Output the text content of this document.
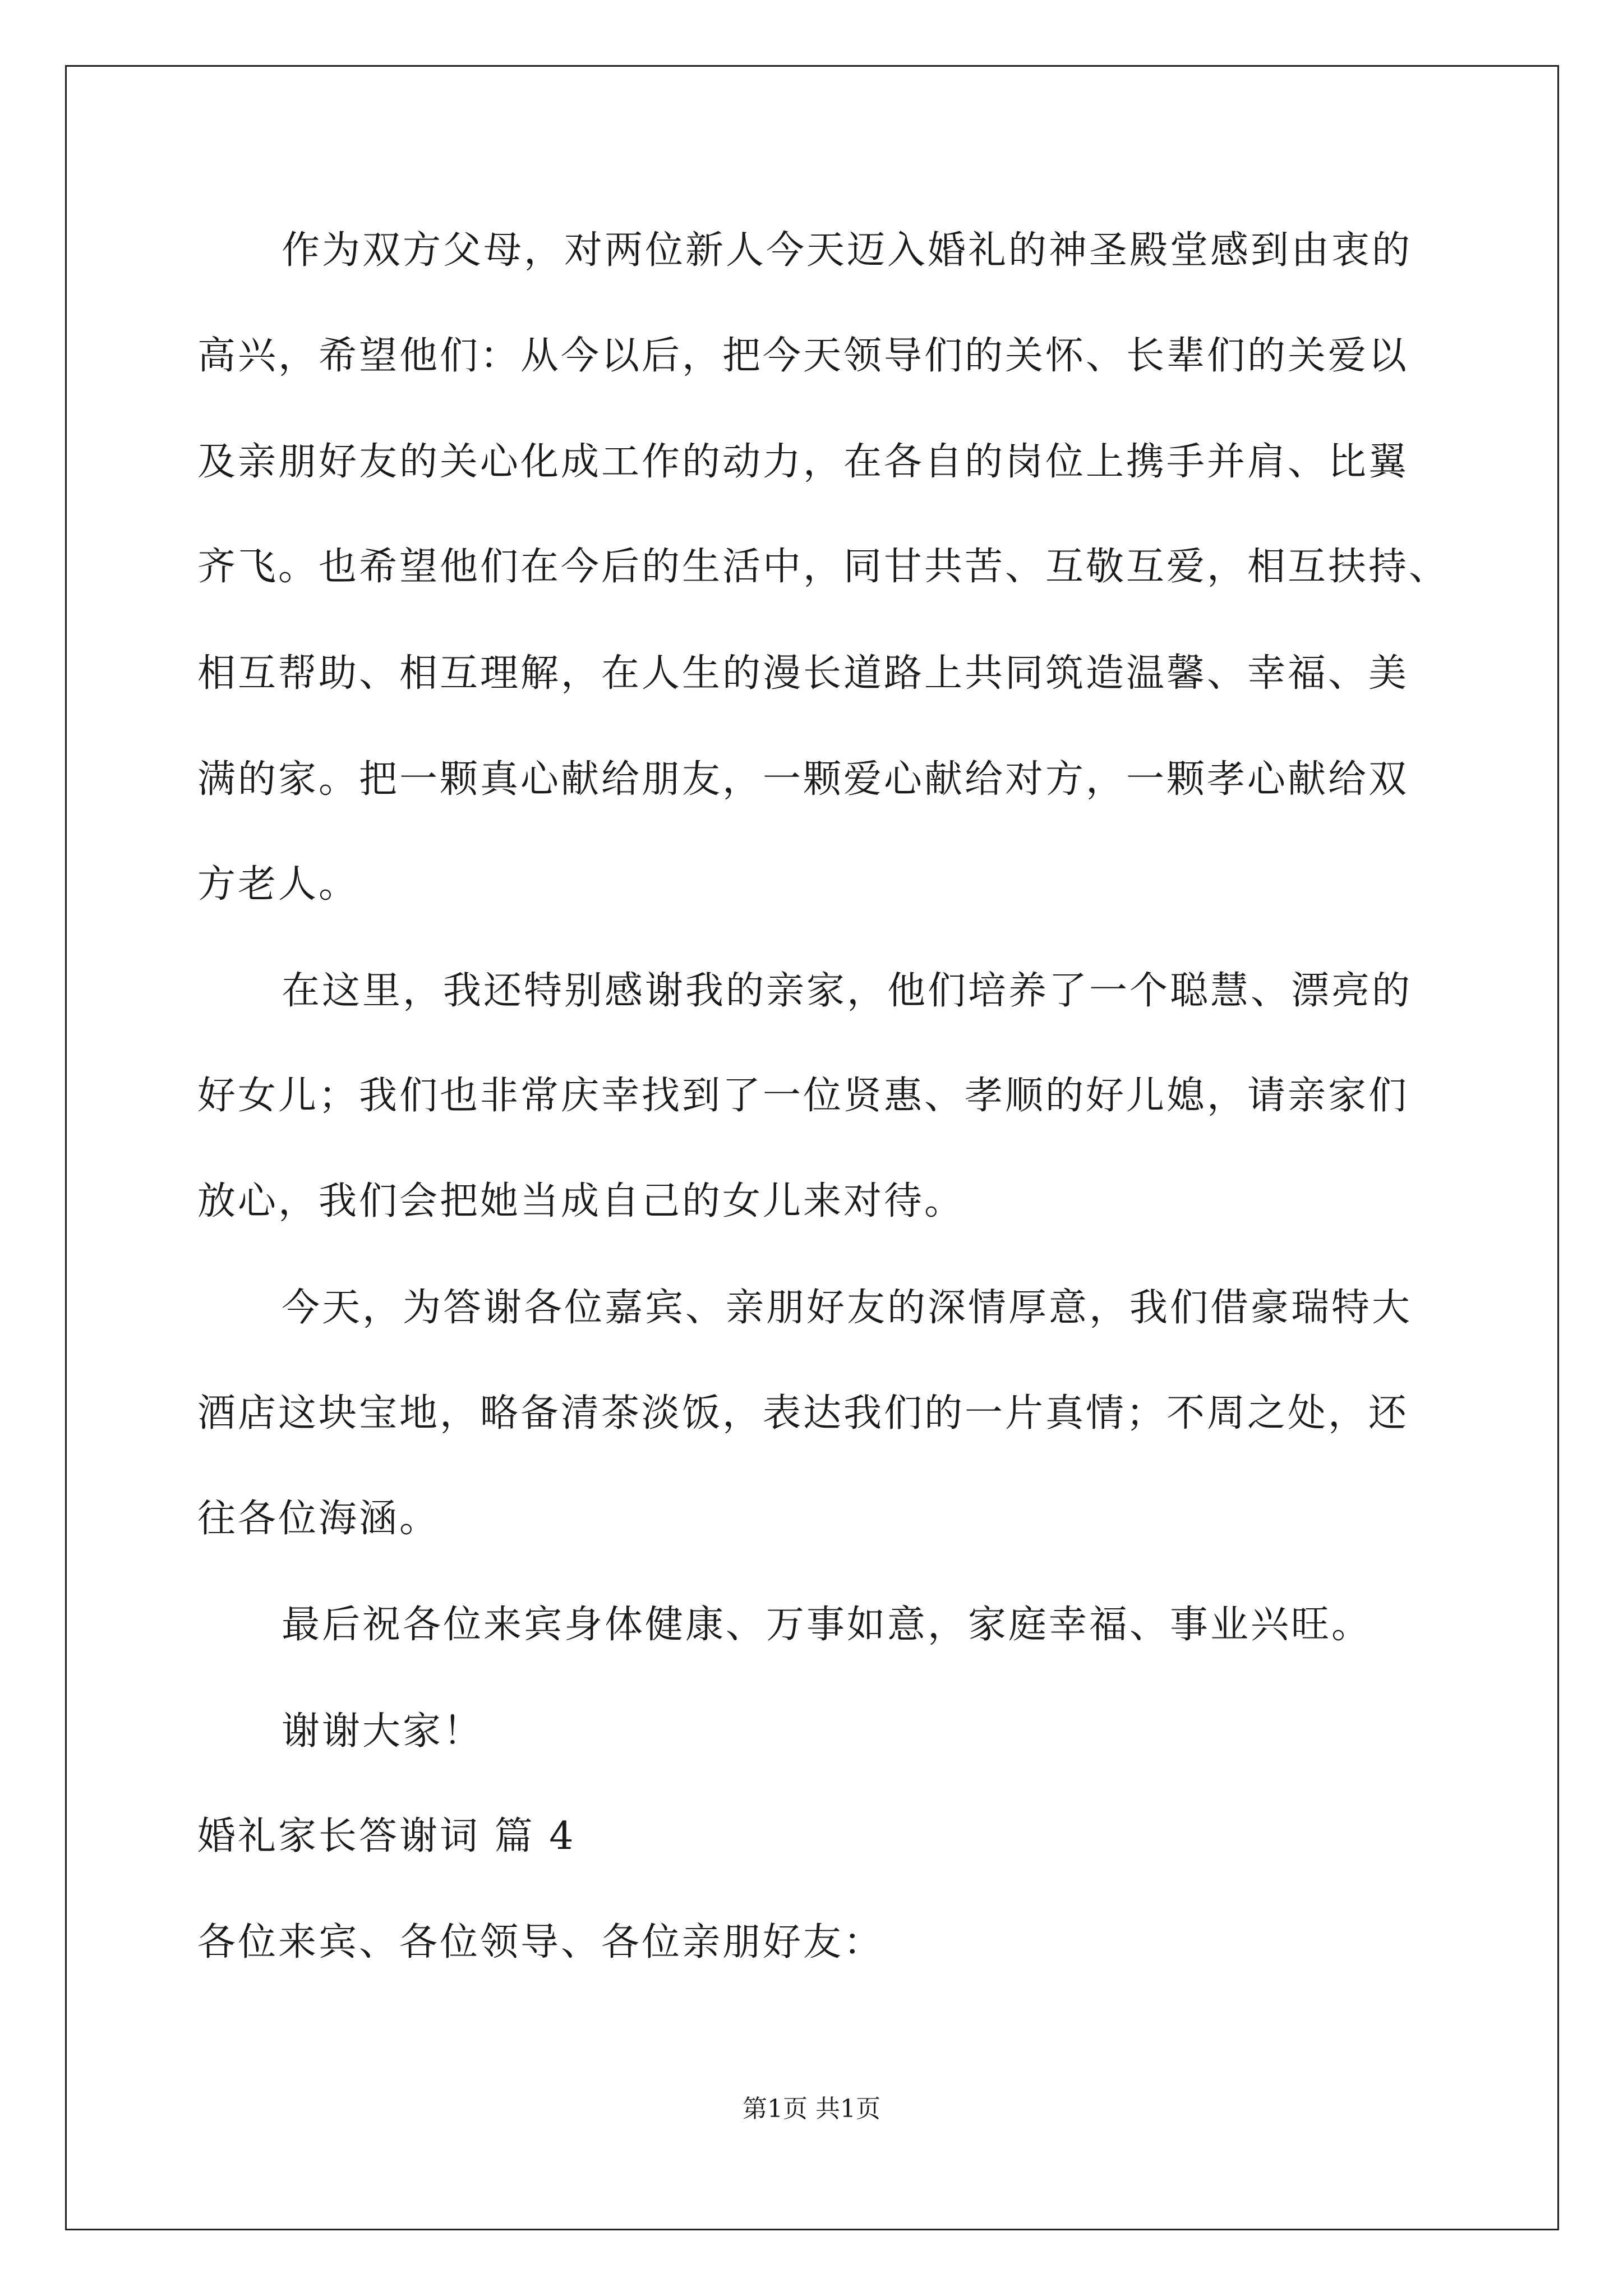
作为双方父母，对两位新人今天迈入婚礼的神圣殿堂感到由衷的
高兴，希望他们：从今以后，把今天领导们的关怀、长辈们的关爱以
及亲朋好友的关心化成工作的动力，在各自的岗位上携手并肩、比翼
齐飞。也希望他们在今后的生活中，同甘共苦、互敬互爱，相互扶持、
相互帮助、相互理解，在人生的漫长道路上共同筑造温馨、幸福、美
满的家。把一颗真心献给朋友，一颗爱心献给对方，一颗孝心献给双
方老人。
在这里，我还特别感谢我的亲家，他们培养了一个聪慧、漂亮的
好女儿；我们也非常庆幸找到了一位贤惠、孝顺的好儿媳，请亲家们
放心，我们会把她当成自己的女儿来对待。
今天，为答谢各位嘉宾、亲朋好友的深情厚意，我们借豪瑞特大
酒店这块宝地，略备清茶淡饭，表达我们的一片真情；不周之处，还
往各位海涵。
最后祝各位来宾身体健康、万事如意，家庭幸福、事业兴旺。
谢谢大家！
婚礼家长答谢词 篇 4
各位来宾、各位领导、各位亲朋好友：
第1页 共1页
